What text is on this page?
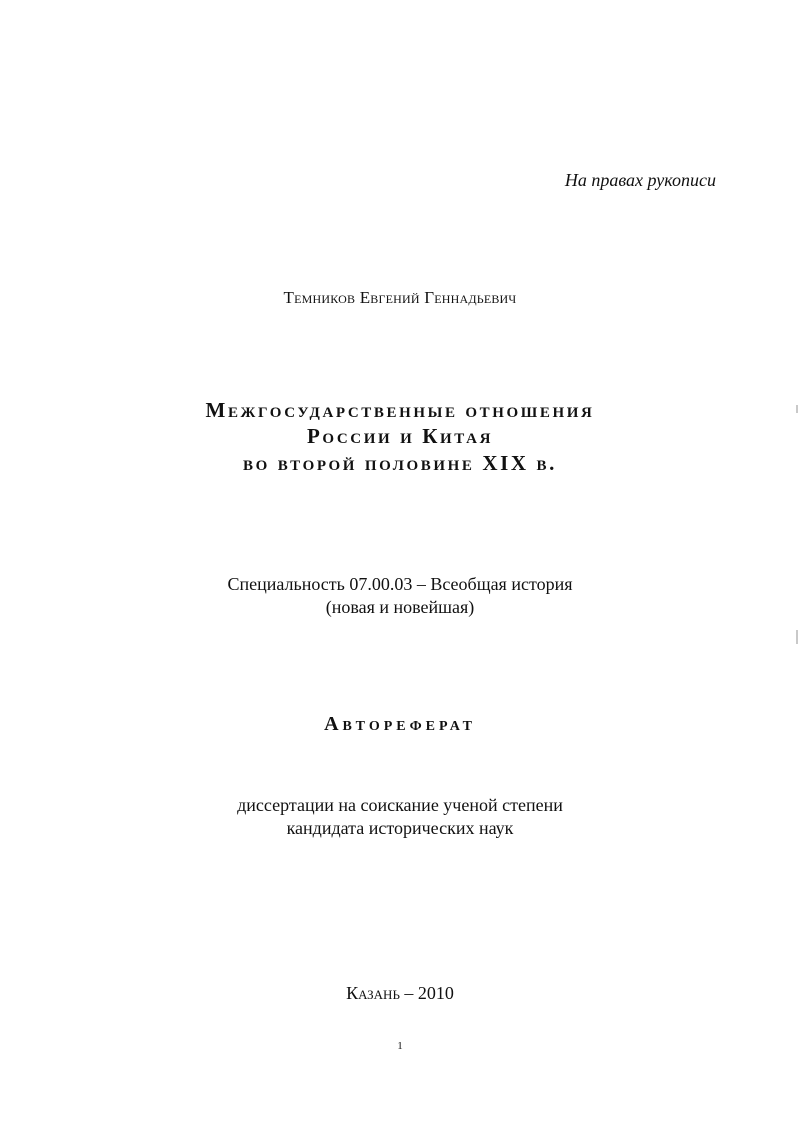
На правах рукописи
Темников Евгений Геннадьевич
Межгосударственные отношения
России и Китая
во второй половине XIX в.
Специальность 07.00.03 – Всеобщая история
(новая и новейшая)
Автореферат
диссертации на соискание ученой степени
кандидата исторических наук
Казань – 2010
1
